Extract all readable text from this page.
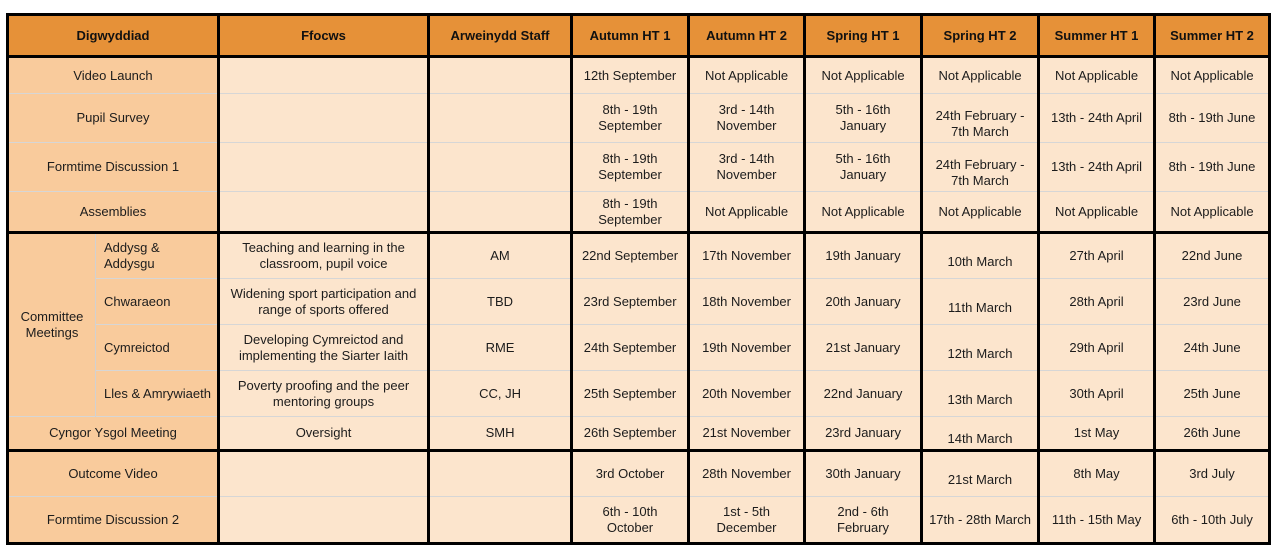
Digwyddiad		Ffocws	Arweinydd Staff	Autumn HT 1	Autumn HT 2	Spring HT 1	Spring HT 2	Summer HT 1	Summer HT 2
Video Launch				12th September	Not Applicable	Not Applicable	Not Applicable	Not Applicable	Not Applicable
Pupil Survey				8th - 19th September	3rd - 14th November	5th - 16th January	24th February - 7th March	13th - 24th April	8th - 19th June
Formtime Discussion 1				8th - 19th September	3rd - 14th November	5th - 16th January	24th February - 7th March	13th - 24th April	8th - 19th June
Assemblies				8th - 19th September	Not Applicable	Not Applicable	Not Applicable	Not Applicable	Not Applicable
Committee Meetings	Addysg & Addysgu	Teaching and learning in the classroom, pupil voice	AM	22nd September	17th November	19th January	10th March	27th April	22nd June
	Chwaraeon	Widening sport participation and range of sports offered	TBD	23rd September	18th November	20th January	11th March	28th April	23rd June
	Cymreictod	Developing Cymreictod and implementing the Siarter Iaith	RME	24th September	19th November	21st January	12th March	29th April	24th June
	Lles & Amrywiaeth	Poverty proofing and the peer mentoring groups	CC, JH	25th September	20th November	22nd January	13th March	30th April	25th June
Cyngor Ysgol Meeting		Oversight	SMH	26th September	21st November	23rd January	14th March	1st May	26th June
Outcome Video				3rd October	28th November	30th January	21st March	8th May	3rd July
Formtime Discussion 2				6th - 10th October	1st - 5th December	2nd - 6th February	17th - 28th March	11th - 15th May	6th - 10th July
